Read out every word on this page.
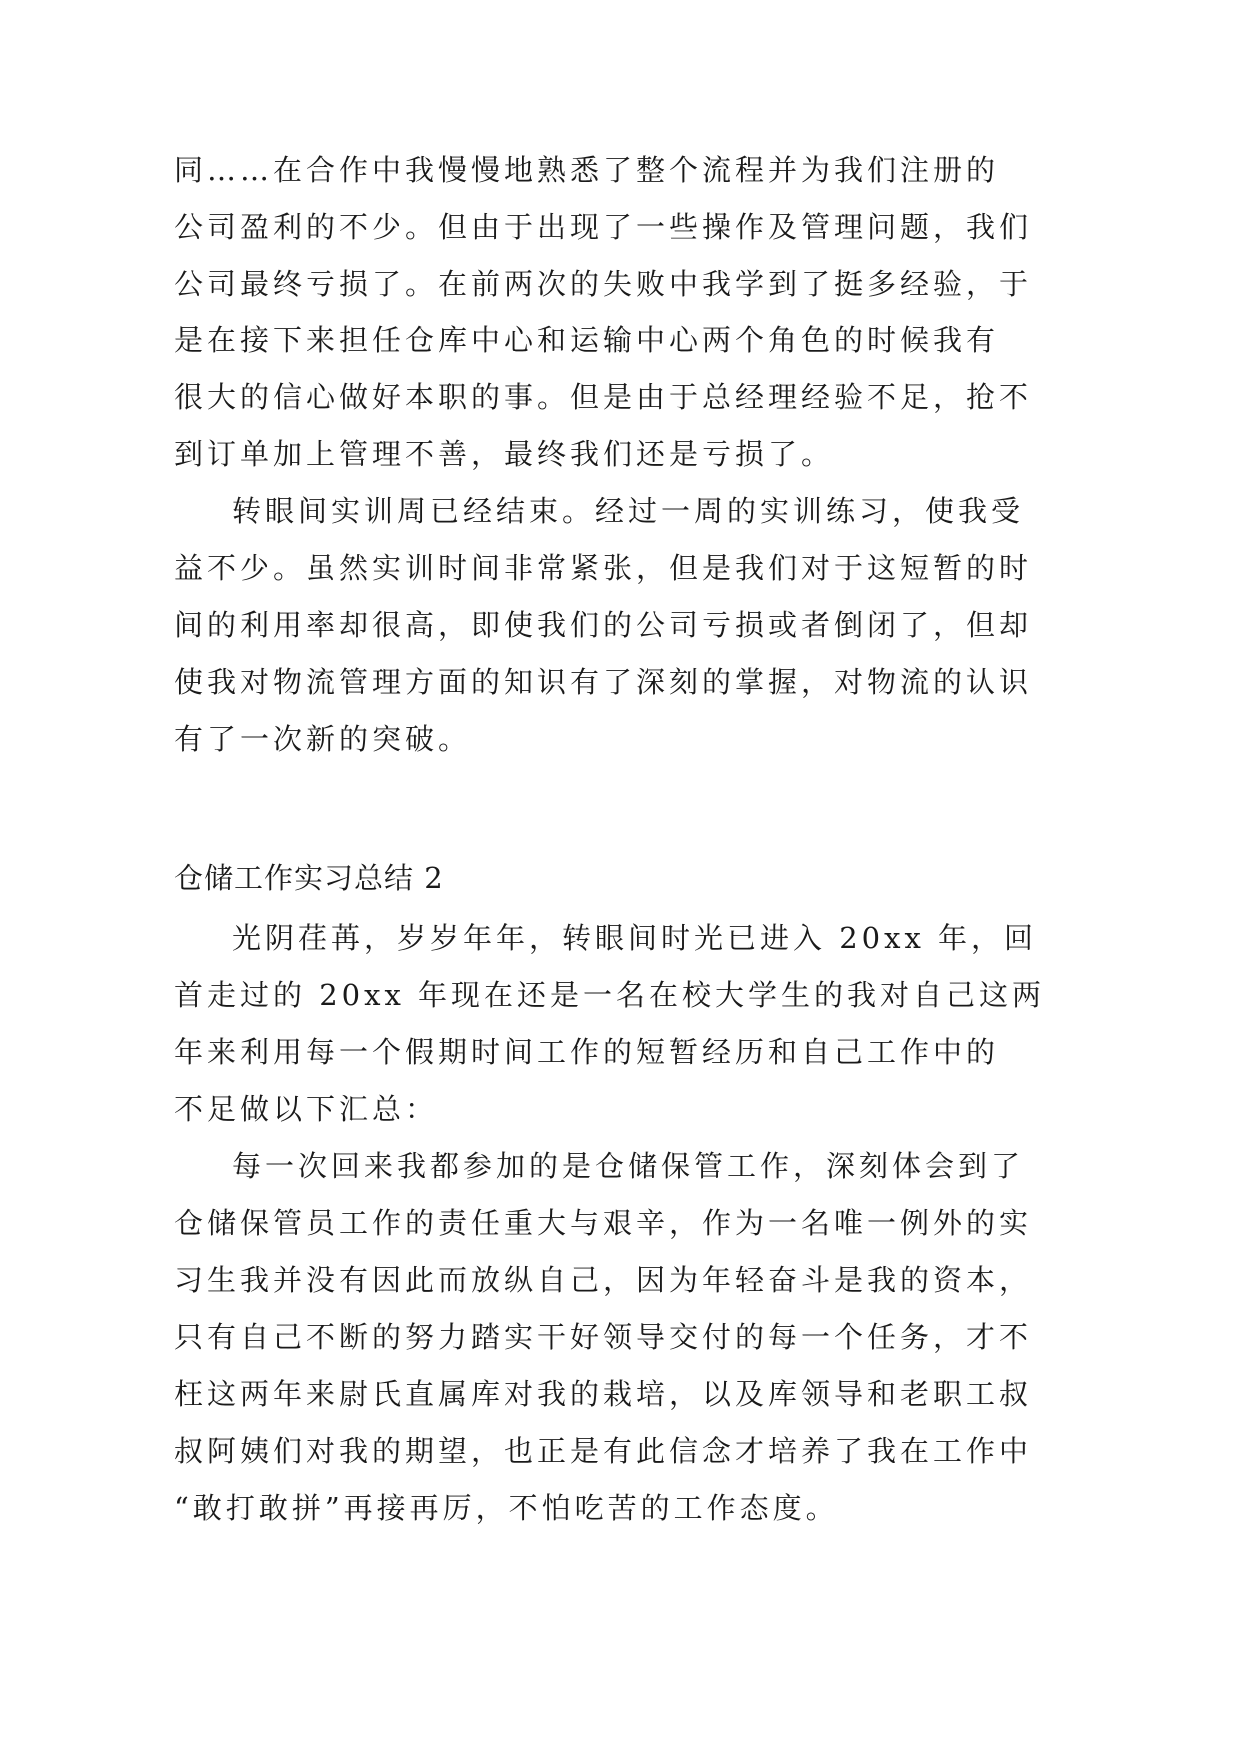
同……在合作中我慢慢地熟悉了整个流程并为我们注册的
公司盈利的不少。但由于出现了一些操作及管理问题，我们
公司最终亏损了。在前两次的失败中我学到了挺多经验，于
是在接下来担任仓库中心和运输中心两个角色的时候我有
很大的信心做好本职的事。但是由于总经理经验不足，抢不
到订单加上管理不善，最终我们还是亏损了。
转眼间实训周已经结束。经过一周的实训练习，使我受
益不少。虽然实训时间非常紧张，但是我们对于这短暂的时
间的利用率却很高，即使我们的公司亏损或者倒闭了，但却
使我对物流管理方面的知识有了深刻的掌握，对物流的认识
有了一次新的突破。
仓储工作实习总结 2
光阴荏苒，岁岁年年，转眼间时光已进入 20xx 年，回
首走过的 20xx 年现在还是一名在校大学生的我对自己这两
年来利用每一个假期时间工作的短暂经历和自己工作中的
不足做以下汇总：
每一次回来我都参加的是仓储保管工作，深刻体会到了
仓储保管员工作的责任重大与艰辛，作为一名唯一例外的实
习生我并没有因此而放纵自己，因为年轻奋斗是我的资本，
只有自己不断的努力踏实干好领导交付的每一个任务，才不
枉这两年来尉氏直属库对我的栽培，以及库领导和老职工叔
叔阿姨们对我的期望，也正是有此信念才培养了我在工作中
“敢打敢拼”再接再厉，不怕吃苦的工作态度。
